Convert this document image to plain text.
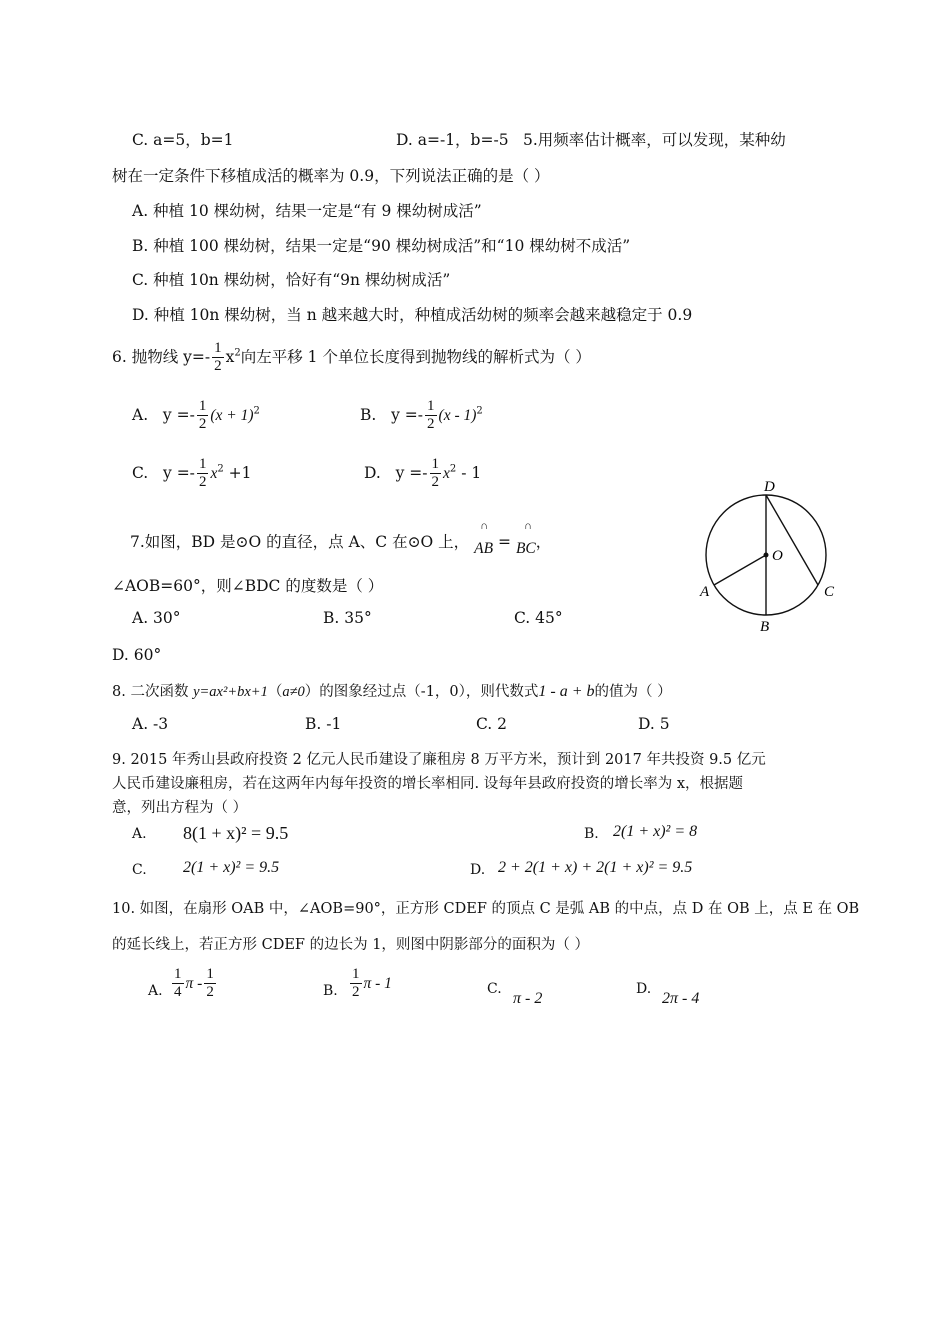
C. a=5，b=1	D. a=-1，b=-5 5.用频率估计概率，可以发现，某种幼
树在一定条件下移植成活的概率为 0.9，下列说法正确的是（ ）
A. 种植 10 棵幼树，结果一定是“有 9 棵幼树成活”
B. 种植 100 棵幼树，结果一定是“90 棵幼树成活”和“10 棵幼树不成活”
C. 种植 10n 棵幼树，恰好有“9n 棵幼树成活”
D. 种植 10n 棵幼树，当 n 越来越大时，种植成活幼树的频率会越来越稳定于 0.9
6. 抛物线 $y=- \frac{1}{2} x^2$向左平移 1 个单位长度得到抛物线的解析式为（ ）
A. $y =- \frac{1}{2} (x + 1)^2$	B. $y =- \frac{1}{2} (x - 1)^2$
C. $y =- \frac{1}{2} x^2 +1$	D. $y =- \frac{1}{2} x^2 - 1$
7.如图，BD 是⊙O 的直径，点 A、C 在⊙O 上，
∩
AB =
∩
BC，
∠AOB=60°，则∠BDC 的度数是（ ）
A. 30°	B. 35°	C. 45°
D. 60°
D
O
A
B
C
8. 二次函数 y=ax²+bx+1（a≠0）的图象经过点（-1，0），则代数式1 - a + b的值为（ ）
A. -3	B. -1	C. 2	D. 5
9. 2015 年秀山县政府投资 2 亿元人民币建设了廉租房 8 万平方米，预计到 2017 年共投资 9.5 亿元
人民币建设廉租房，若在这两年内每年投资的增长率相同. 设每年县政府投资的增长率为 x，根据题
意，列出方程为（ ）
A. 8(1 + x)² = 9.5	B. 2(1 + x)² = 8
C. 2(1 + x)² = 9.5	D. 2 + 2(1 + x) + 2(1 + x)² = 9.5
10. 如图，在扇形 OAB 中，∠AOB=90°，正方形 CDEF 的顶点 C 是弧 AB 的中点，点 D 在 OB 上，点 E 在 OB
的延长线上，若正方形 CDEF 的边长为 1，则图中阴影部分的面积为（ ）
A. $\frac{1}{4}$ π - $\frac{1}{2}$	B. $\frac{1}{2}$ π - 1	C.
π - 2
D.
2π - 4
